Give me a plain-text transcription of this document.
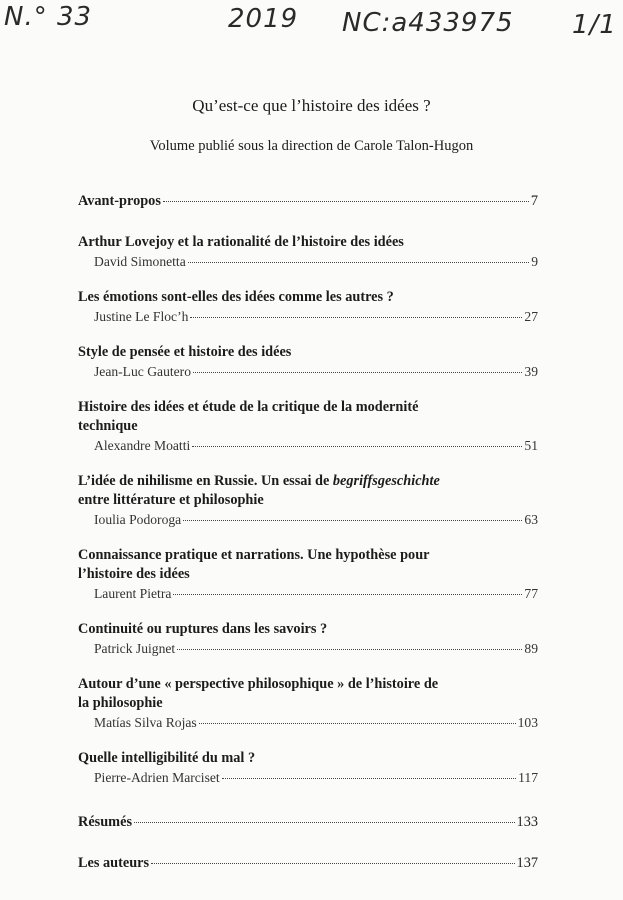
N.° 33	2019 NC:a433975 1/1
Qu’est-ce que l’histoire des idées ?
Volume publié sous la direction de Carole Talon-Hugon
Avant-propos	7
Arthur Lovejoy et la rationalité de l’histoire des idées
David Simonetta	9
Les émotions sont-elles des idées comme les autres ?
Justine Le Floc’h	27
Style de pensée et histoire des idées
Jean-Luc Gautero	39
Histoire des idées et étude de la critique de la modernité
technique
Alexandre Moatti	51
L’idée de nihilisme en Russie. Un essai de begriffsgeschichte
entre littérature et philosophie
Ioulia Podoroga	63
Connaissance pratique et narrations. Une hypothèse pour
l’histoire des idées
Laurent Pietra	77
Continuité ou ruptures dans les savoirs ?
Patrick Juignet	89
Autour d’une « perspective philosophique » de l’histoire de
la philosophie
Matías Silva Rojas	103
Quelle intelligibilité du mal ?
Pierre-Adrien Marciset	117
Résumés	133
Les auteurs	137
